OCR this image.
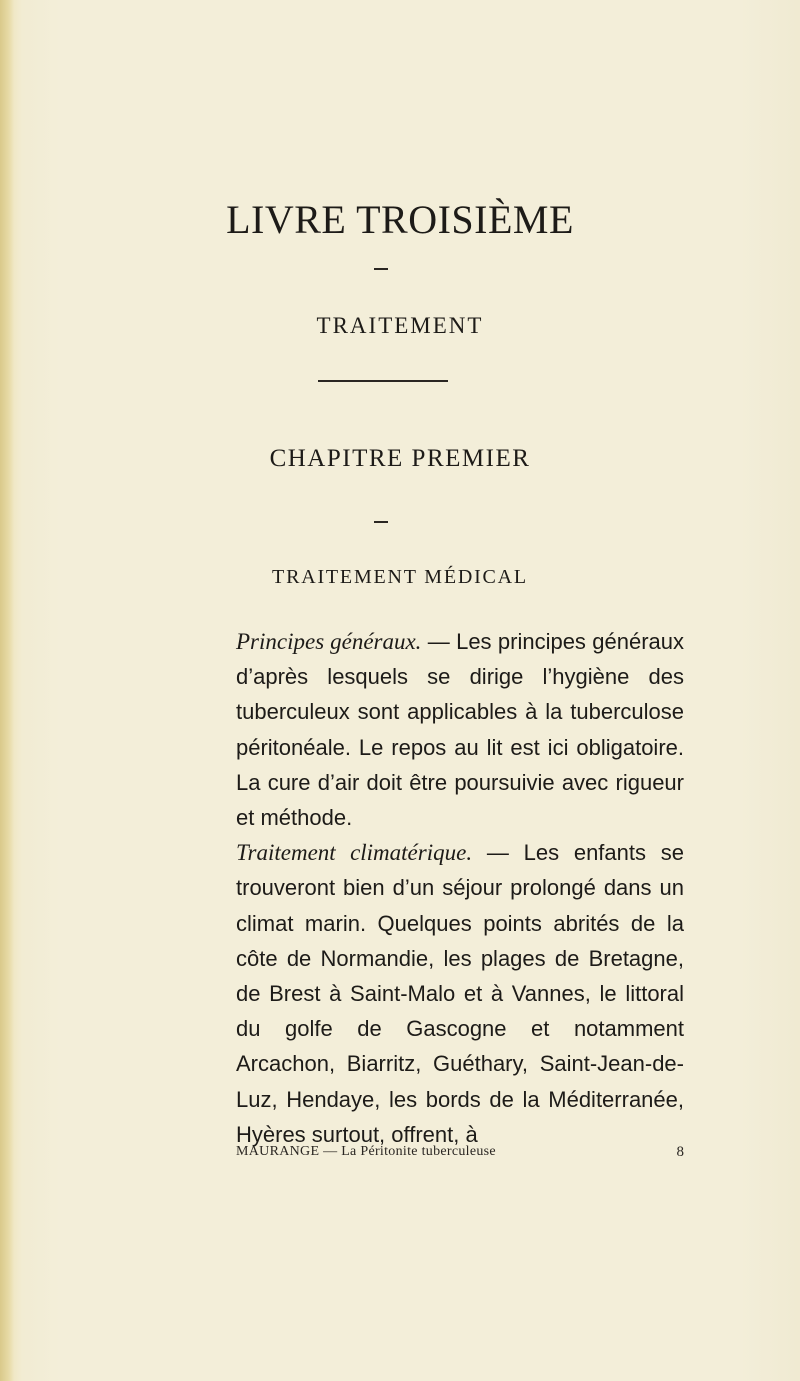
LIVRE TROISIÈME
TRAITEMENT
CHAPITRE PREMIER
TRAITEMENT MÉDICAL

Principes généraux. — Les principes généraux d’après lesquels se dirige l’hygiène des tuberculeux sont applicables à la tuberculose péritonéale. Le repos au lit est ici obligatoire. La cure d’air doit être poursuivie avec rigueur et méthode.

Traitement climatérique. — Les enfants se trouveront bien d’un séjour prolongé dans un climat marin. Quelques points abrités de la côte de Normandie, les plages de Bretagne, de Brest à Saint-Malo et à Vannes, le littoral du golfe de Gascogne et notamment Arcachon, Biarritz, Guéthary, Saint-Jean-de-Luz, Hendaye, les bords de la Méditerranée, Hyères surtout, offrent, à

MAURANGE — La Péritonite tuberculeuse	8
